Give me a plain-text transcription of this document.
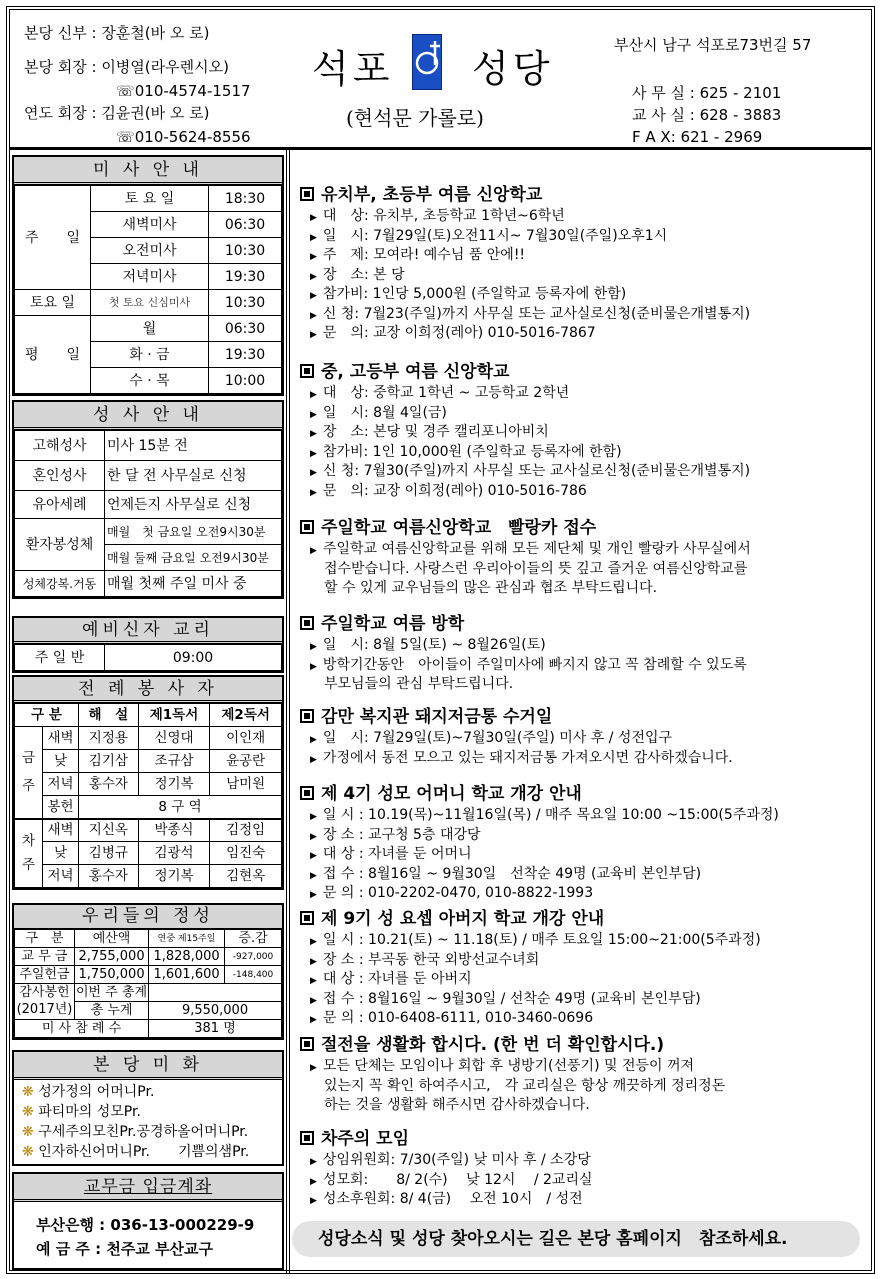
본당 신부 : 장훈철(바 오 로)
본당 회장 : 이병열(라우렌시오)
☏010-4574-1517
연도 회장 : 김윤권(바 오 로)
☏010-5624-8556
석포 성당
(현석문 가롤로)
부산시 남구 석포로73번길 57
사 무 실 : 625 - 2101
교 사 실 : 628 - 3883
F A X: 621 - 2969
미 사 안 내
주　　일	토 요 일	18:30
	새벽미사	06:30
	오전미사	10:30
	저녁미사	19:30
토요 일	첫 토요 신심미사	10:30
평　　일	월	06:30
	화 · 금	19:30
	수 · 목	10:00
성 사 안 내
고해성사	미사 15분 전
혼인성사	한 달 전 사무실로 신청
유아세례	언제든지 사무실로 신청
환자봉성체	매월　첫 금요일 오전9시30분
	매월 둘째 금요일 오전9시30분
성체강복.거동	매월 첫째 주일 미사 중
예비신자 교리
주 일 반	09:00
전 례 봉 사 자
구 분		해　설	제1독서	제2독서
금
주	새벽	지정용	신영대	이인재
	낮	김기삼	조규삼	윤공란
	저녁	홍수자	정기복	남미원
	봉헌	8 구 역		
차
주	새벽	지신옥	박종식	김정임
	낮	김병규	김광석	임진숙
	저녁	홍수자	정기복	김현옥
우리들의 정성
구　분	예산액	연중 제15주일	증.감
교 무 금	2,755,000	1,828,000	-927,000
주일헌금	1,750,000	1,601,600	-148,400
감사봉헌	이번 주 총계		
(2017년)	총 누계	9,550,000	
미 사 참 례 수		381 명	
본 당 미 화
❋ 성가정의 어머니Pr.
❋ 파티마의 성모Pr.
❋ 구세주의모친Pr.공경하올어머니Pr.
❋ 인자하신어머니Pr.　　기쁨의샘Pr.
교무금 입금계좌
부산은행 : 036-13-000229-9
예 금 주 : 천주교 부산교구
유치부, 초등부 여름 신앙학교
▶ 대　상: 유치부, 초등학교 1학년~6학년
▶ 일　시: 7월29일(토)오전11시~ 7월30일(주일)오후1시
▶ 주　제: 모여라! 예수님 품 안에!!
▶ 장　소: 본 당
▶ 참가비: 1인당 5,000원 (주일학교 등록자에 한함)
▶ 신 청: 7월23(주일)까지 사무실 또는 교사실로신청(준비물은개별통지)
▶ 문　의: 교장 이희정(레아) 010-5016-7867
중, 고등부 여름 신앙학교
▶ 대　상: 중학교 1학년 ~ 고등학교 2학년
▶ 일　시: 8월 4일(금)
▶ 장　소: 본당 및 경주 캘리포니아비치
▶ 참가비: 1인 10,000원 (주일학교 등록자에 한함)
▶ 신 청: 7월30(주일)까지 사무실 또는 교사실로신청(준비물은개별통지)
▶ 문　의: 교장 이희정(레아) 010-5016-786
주일학교 여름신앙학교　빨랑카 접수
▶ 주일학교 여름신앙학교를 위해 모든 제단체 및 개인 빨랑카 사무실에서
접수받습니다. 사랑스런 우리아이들의 뜻 깊고 즐거운 여름신앙학교를
할 수 있게 교우님들의 많은 관심과 협조 부탁드립니다.
주일학교 여름 방학
▶ 일　시: 8월 5일(토) ~ 8월26일(토)
▶ 방학기간동안　아이들이 주일미사에 빠지지 않고 꼭 참례할 수 있도록
부모님들의 관심 부탁드립니다.
감만 복지관 돼지저금통 수거일
▶ 일　시: 7월29일(토)~7월30일(주일) 미사 후 / 성전입구
▶ 가정에서 동전 모으고 있는 돼지저금통 가져오시면 감사하겠습니다.
제 4기 성모 어머니 학교 개강 안내
▶ 일 시 : 10.19(목)~11월16일(목) / 매주 목요일 10:00 ~15:00(5주과정)
▶ 장 소 : 교구청 5층 대강당
▶ 대 상 : 자녀를 둔 어머니
▶ 접 수 : 8월16일 ~ 9월30일　선착순 49명 (교육비 본인부담)
▶ 문 의 : 010-2202-0470, 010-8822-1993
제 9기 성 요셉 아버지 학교 개강 안내
▶ 일 시 : 10.21(토) ~ 11.18(토) / 매주 토요일 15:00~21:00(5주과정)
▶ 장 소 : 부곡동 한국 외방선교수녀회
▶ 대 상 : 자녀를 둔 아버지
▶ 접 수 : 8월16일 ~ 9월30일 / 선착순 49명 (교육비 본인부담)
▶ 문 의 : 010-6408-6111, 010-3460-0696
절전을 생활화 합시다. (한 번 더 확인합시다.)
▶ 모든 단체는 모임이나 회합 후 냉방기(선풍기) 및 전등이 꺼져
있는지 꼭 확인 하여주시고,　각 교리실은 항상 깨끗하게 정리정돈
하는 것을 생활화 해주시면 감사하겠습니다.
차주의 모임
▶ 상임위원회: 7/30(주일) 낮 미사 후 / 소강당
▶ 성모회:　　8/ 2(수)　 낮 12시　 / 2교리실
▶ 성소후원회: 8/ 4(금)　 오전 10시　/ 성전
성당소식 및 성당 찾아오시는 길은 본당 홈페이지　참조하세요.
